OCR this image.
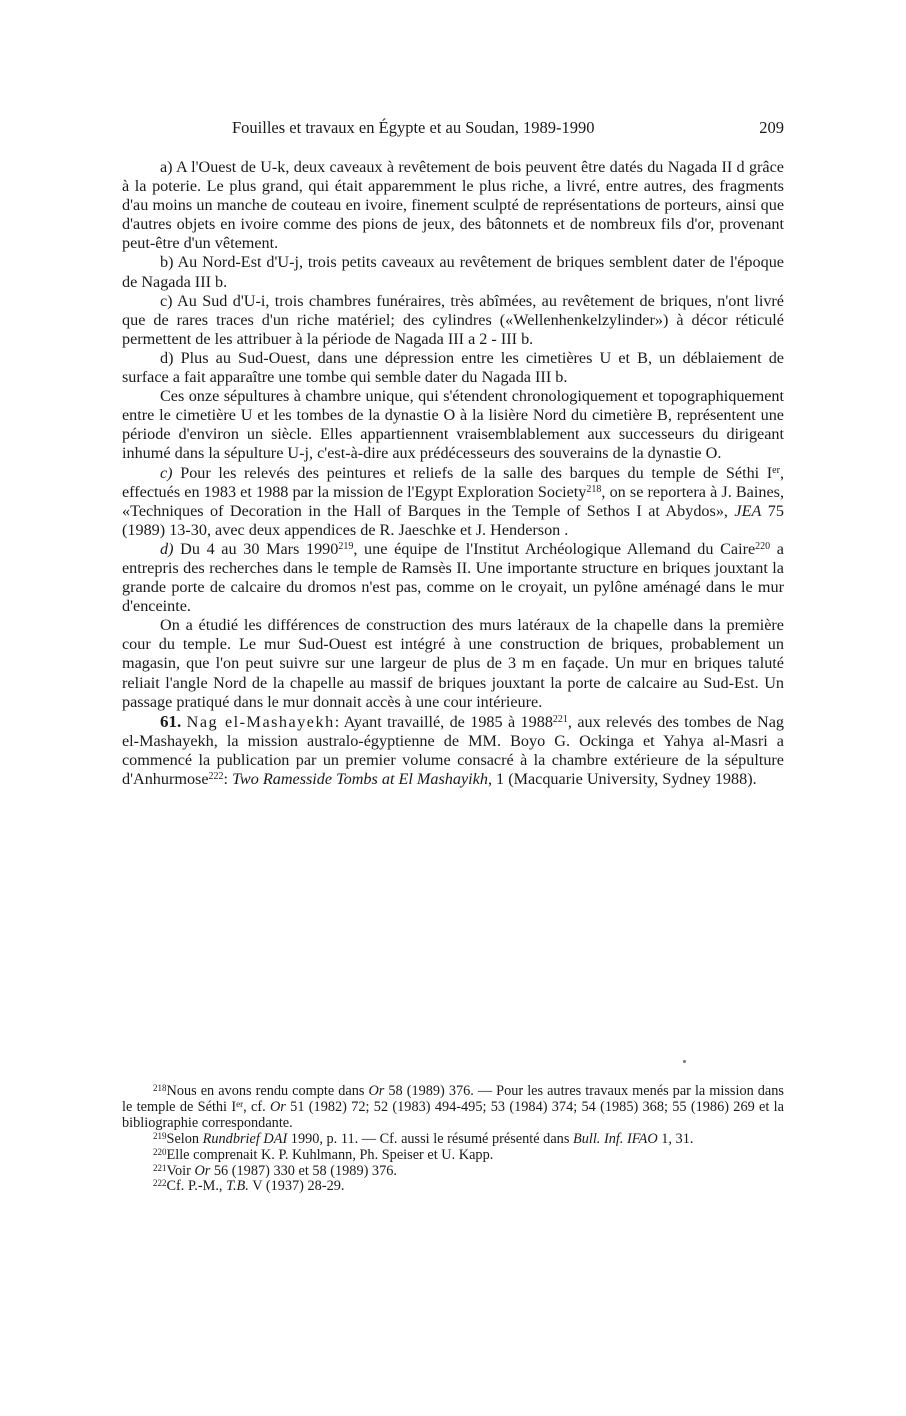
Fouilles et travaux en Égypte et au Soudan, 1989-1990	209

a) A l'Ouest de U-k, deux caveaux à revêtement de bois peuvent être datés du Nagada II d grâce à la poterie. Le plus grand, qui était apparemment le plus riche, a livré, entre autres, des fragments d'au moins un manche de couteau en ivoire, finement sculpté de représentations de porteurs, ainsi que d'autres objets en ivoire comme des pions de jeux, des bâtonnets et de nombreux fils d'or, provenant peut-être d'un vêtement.

b) Au Nord-Est d'U-j, trois petits caveaux au revêtement de briques semblent dater de l'époque de Nagada III b.

c) Au Sud d'U-i, trois chambres funéraires, très abîmées, au revêtement de briques, n'ont livré que de rares traces d'un riche matériel; des cylindres («Wellenhenkelzylinder») à décor réticulé permettent de les attribuer à la période de Nagada III a 2 - III b.

d) Plus au Sud-Ouest, dans une dépression entre les cimetières U et B, un déblaiement de surface a fait apparaître une tombe qui semble dater du Nagada III b.

Ces onze sépultures à chambre unique, qui s'étendent chronologiquement et topographiquement entre le cimetière U et les tombes de la dynastie O à la lisière Nord du cimetière B, représentent une période d'environ un siècle. Elles appartiennent vraisemblablement aux successeurs du dirigeant inhumé dans la sépulture U-j, c'est-à-dire aux prédécesseurs des souverains de la dynastie O.

c) Pour les relevés des peintures et reliefs de la salle des barques du temple de Séthi Ier, effectués en 1983 et 1988 par la mission de l'Egypt Exploration Society$^{218}$, on se reportera à J. Baines, «Techniques of Decoration in the Hall of Barques in the Temple of Sethos I at Abydos», JEA 75 (1989) 13-30, avec deux appendices de R. Jaeschke et J. Henderson .

d) Du 4 au 30 Mars 1990$^{219}$, une équipe de l'Institut Archéologique Allemand du Caire$^{220}$ a entrepris des recherches dans le temple de Ramsès II. Une importante structure en briques jouxtant la grande porte de calcaire du dromos n'est pas, comme on le croyait, un pylône aménagé dans le mur d'enceinte.

On a étudié les différences de construction des murs latéraux de la chapelle dans la première cour du temple. Le mur Sud-Ouest est intégré à une construction de briques, probablement un magasin, que l'on peut suivre sur une largeur de plus de 3 m en façade. Un mur en briques taluté reliait l'angle Nord de la chapelle au massif de briques jouxtant la porte de calcaire au Sud-Est. Un passage pratiqué dans le mur donnait accès à une cour intérieure.

61. Nag el-Mashayekh: Ayant travaillé, de 1985 à 1988$^{221}$, aux relevés des tombes de Nag el-Mashayekh, la mission australo-égyptienne de MM. Boyo G. Ockinga et Yahya al-Masri a commencé la publication par un premier volume consacré à la chambre extérieure de la sépulture d'Anhurmose$^{222}$: Two Ramesside Tombs at El Mashayikh, 1 (Macquarie University, Sydney 1988).

$^{218}$Nous en avons rendu compte dans Or 58 (1989) 376. — Pour les autres travaux menés par la mission dans le temple de Séthi Ier, cf. Or 51 (1982) 72; 52 (1983) 494-495; 53 (1984) 374; 54 (1985) 368; 55 (1986) 269 et la bibliographie correspondante.

$^{219}$Selon Rundbrief DAI 1990, p. 11. — Cf. aussi le résumé présenté dans Bull. Inf. IFAO 1, 31.

$^{220}$Elle comprenait K. P. Kuhlmann, Ph. Speiser et U. Kapp.

$^{221}$Voir Or 56 (1987) 330 et 58 (1989) 376.

$^{222}$Cf. P.-M., T.B. V (1937) 28-29.
